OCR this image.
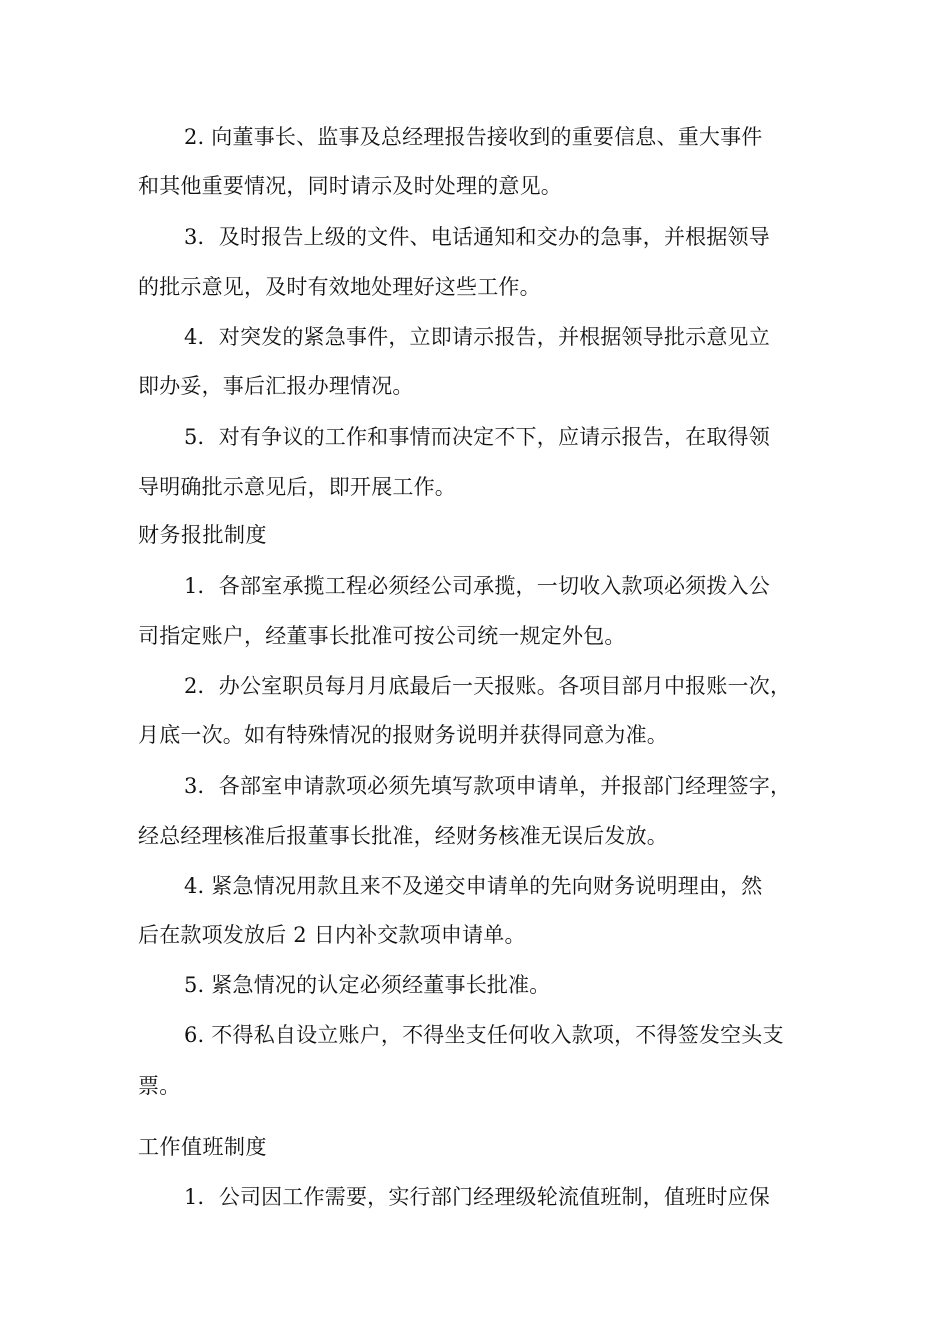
2. 向董事长、监事及总经理报告接收到的重要信息、重大事件
和其他重要情况，同时请示及时处理的意见。
3．及时报告上级的文件、电话通知和交办的急事，并根据领导
的批示意见，及时有效地处理好这些工作。
4．对突发的紧急事件，立即请示报告，并根据领导批示意见立
即办妥，事后汇报办理情况。
5．对有争议的工作和事情而决定不下，应请示报告，在取得领
导明确批示意见后，即开展工作。
财务报批制度
1．各部室承揽工程必须经公司承揽，一切收入款项必须拨入公
司指定账户，经董事长批准可按公司统一规定外包。
2．办公室职员每月月底最后一天报账。各项目部月中报账一次，
月底一次。如有特殊情况的报财务说明并获得同意为准。
3．各部室申请款项必须先填写款项申请单，并报部门经理签字，
经总经理核准后报董事长批准，经财务核准无误后发放。
4. 紧急情况用款且来不及递交申请单的先向财务说明理由，然
后在款项发放后 2 日内补交款项申请单。
5. 紧急情况的认定必须经董事长批准。
6. 不得私自设立账户，不得坐支任何收入款项，不得签发空头支
票。
工作值班制度
1．公司因工作需要，实行部门经理级轮流值班制，值班时应保
